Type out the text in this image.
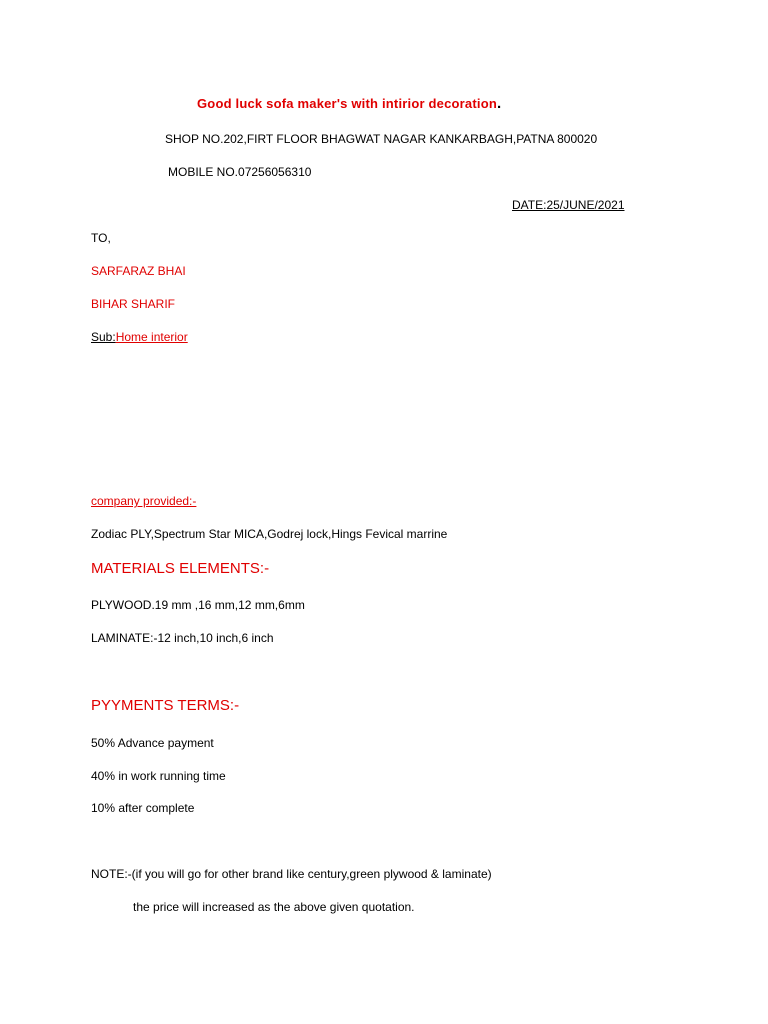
Good luck sofa maker's with intirior decoration.
SHOP NO.202,FIRT FLOOR BHAGWAT NAGAR KANKARBAGH,PATNA 800020
MOBILE NO.07256056310
DATE:25/JUNE/2021
TO,
SARFARAZ BHAI
BIHAR SHARIF
Sub:Home interior
company provided:-
Zodiac PLY,Spectrum Star MICA,Godrej lock,Hings Fevical marrine
MATERIALS ELEMENTS:-
PLYWOOD.19 mm ,16 mm,12 mm,6mm
LAMINATE:-12 inch,10 inch,6 inch
PYYMENTS TERMS:-
50% Advance payment
40% in work running time
10% after complete
NOTE:-(if you will go for other brand like century,green plywood & laminate)
the price will increased as the above given quotation.
